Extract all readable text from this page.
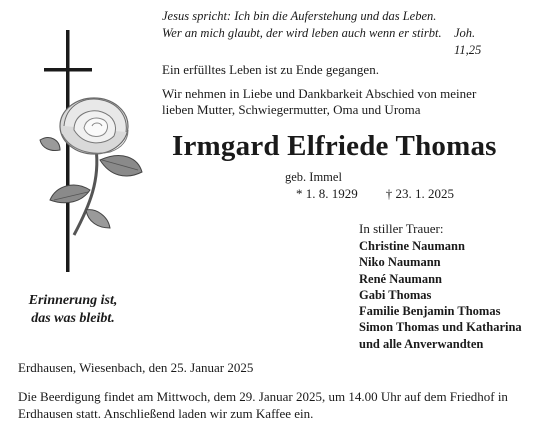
Jesus spricht: Ich bin die Auferstehung und das Leben.
Wer an mich glaubt, der wird leben auch wenn er stirbt. Joh. 11,25

Ein erfülltes Leben ist zu Ende gegangen.

Wir nehmen in Liebe und Dankbarkeit Abschied von meiner
lieben Mutter, Schwiegermutter, Oma und Uroma
Irmgard Elfriede Thomas
geb. Immel
* 1. 8. 1929 † 23. 1. 2025
In stiller Trauer:
Christine Naumann
Niko Naumann
René Naumann
Gabi Thomas
Familie Benjamin Thomas
Simon Thomas und Katharina
und alle Anverwandten
Erinnerung ist,
das was bleibt.
Erdhausen, Wiesenbach, den 25. Januar 2025
Die Beerdigung findet am Mittwoch, dem 29. Januar 2025, um 14.00 Uhr auf dem Friedhof in
Erdhausen statt. Anschließend laden wir zum Kaffee ein.
